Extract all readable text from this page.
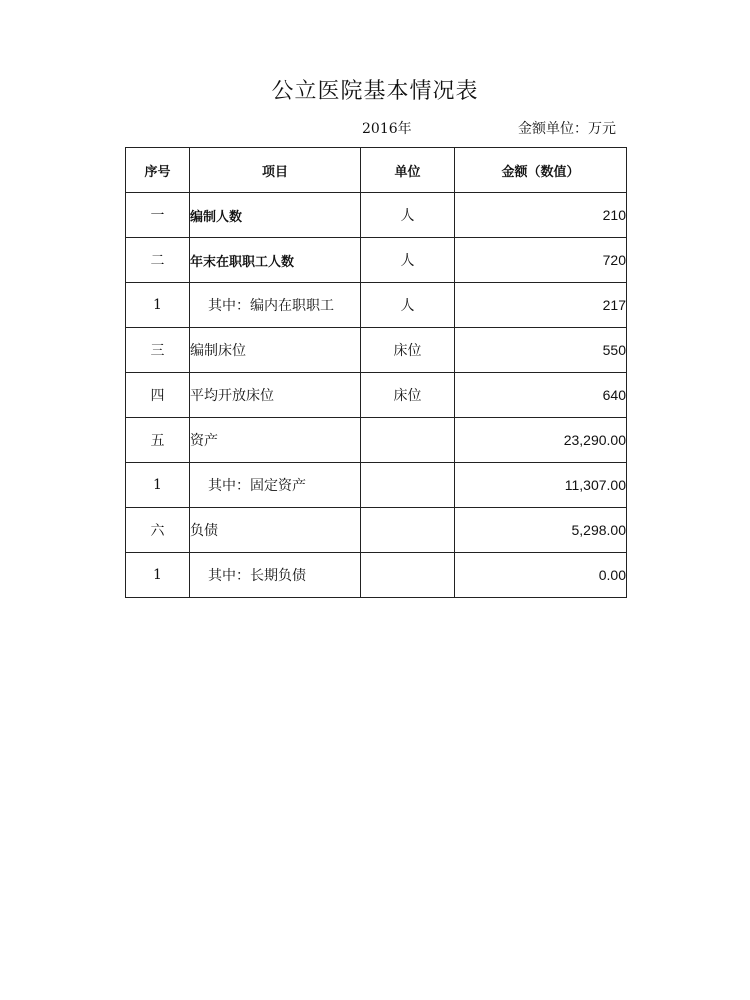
公立医院基本情况表
2016年	金额单位：万元
序号	项目	单位	金额（数值）
一	编制人数	人	210
二	年末在职职工人数	人	720
1	其中：编内在职职工	人	217
三	编制床位	床位	550
四	平均开放床位	床位	640
五	资产		23,290.00
1	其中：固定资产		11,307.00
六	负债		5,298.00
1	其中：长期负债		0.00
